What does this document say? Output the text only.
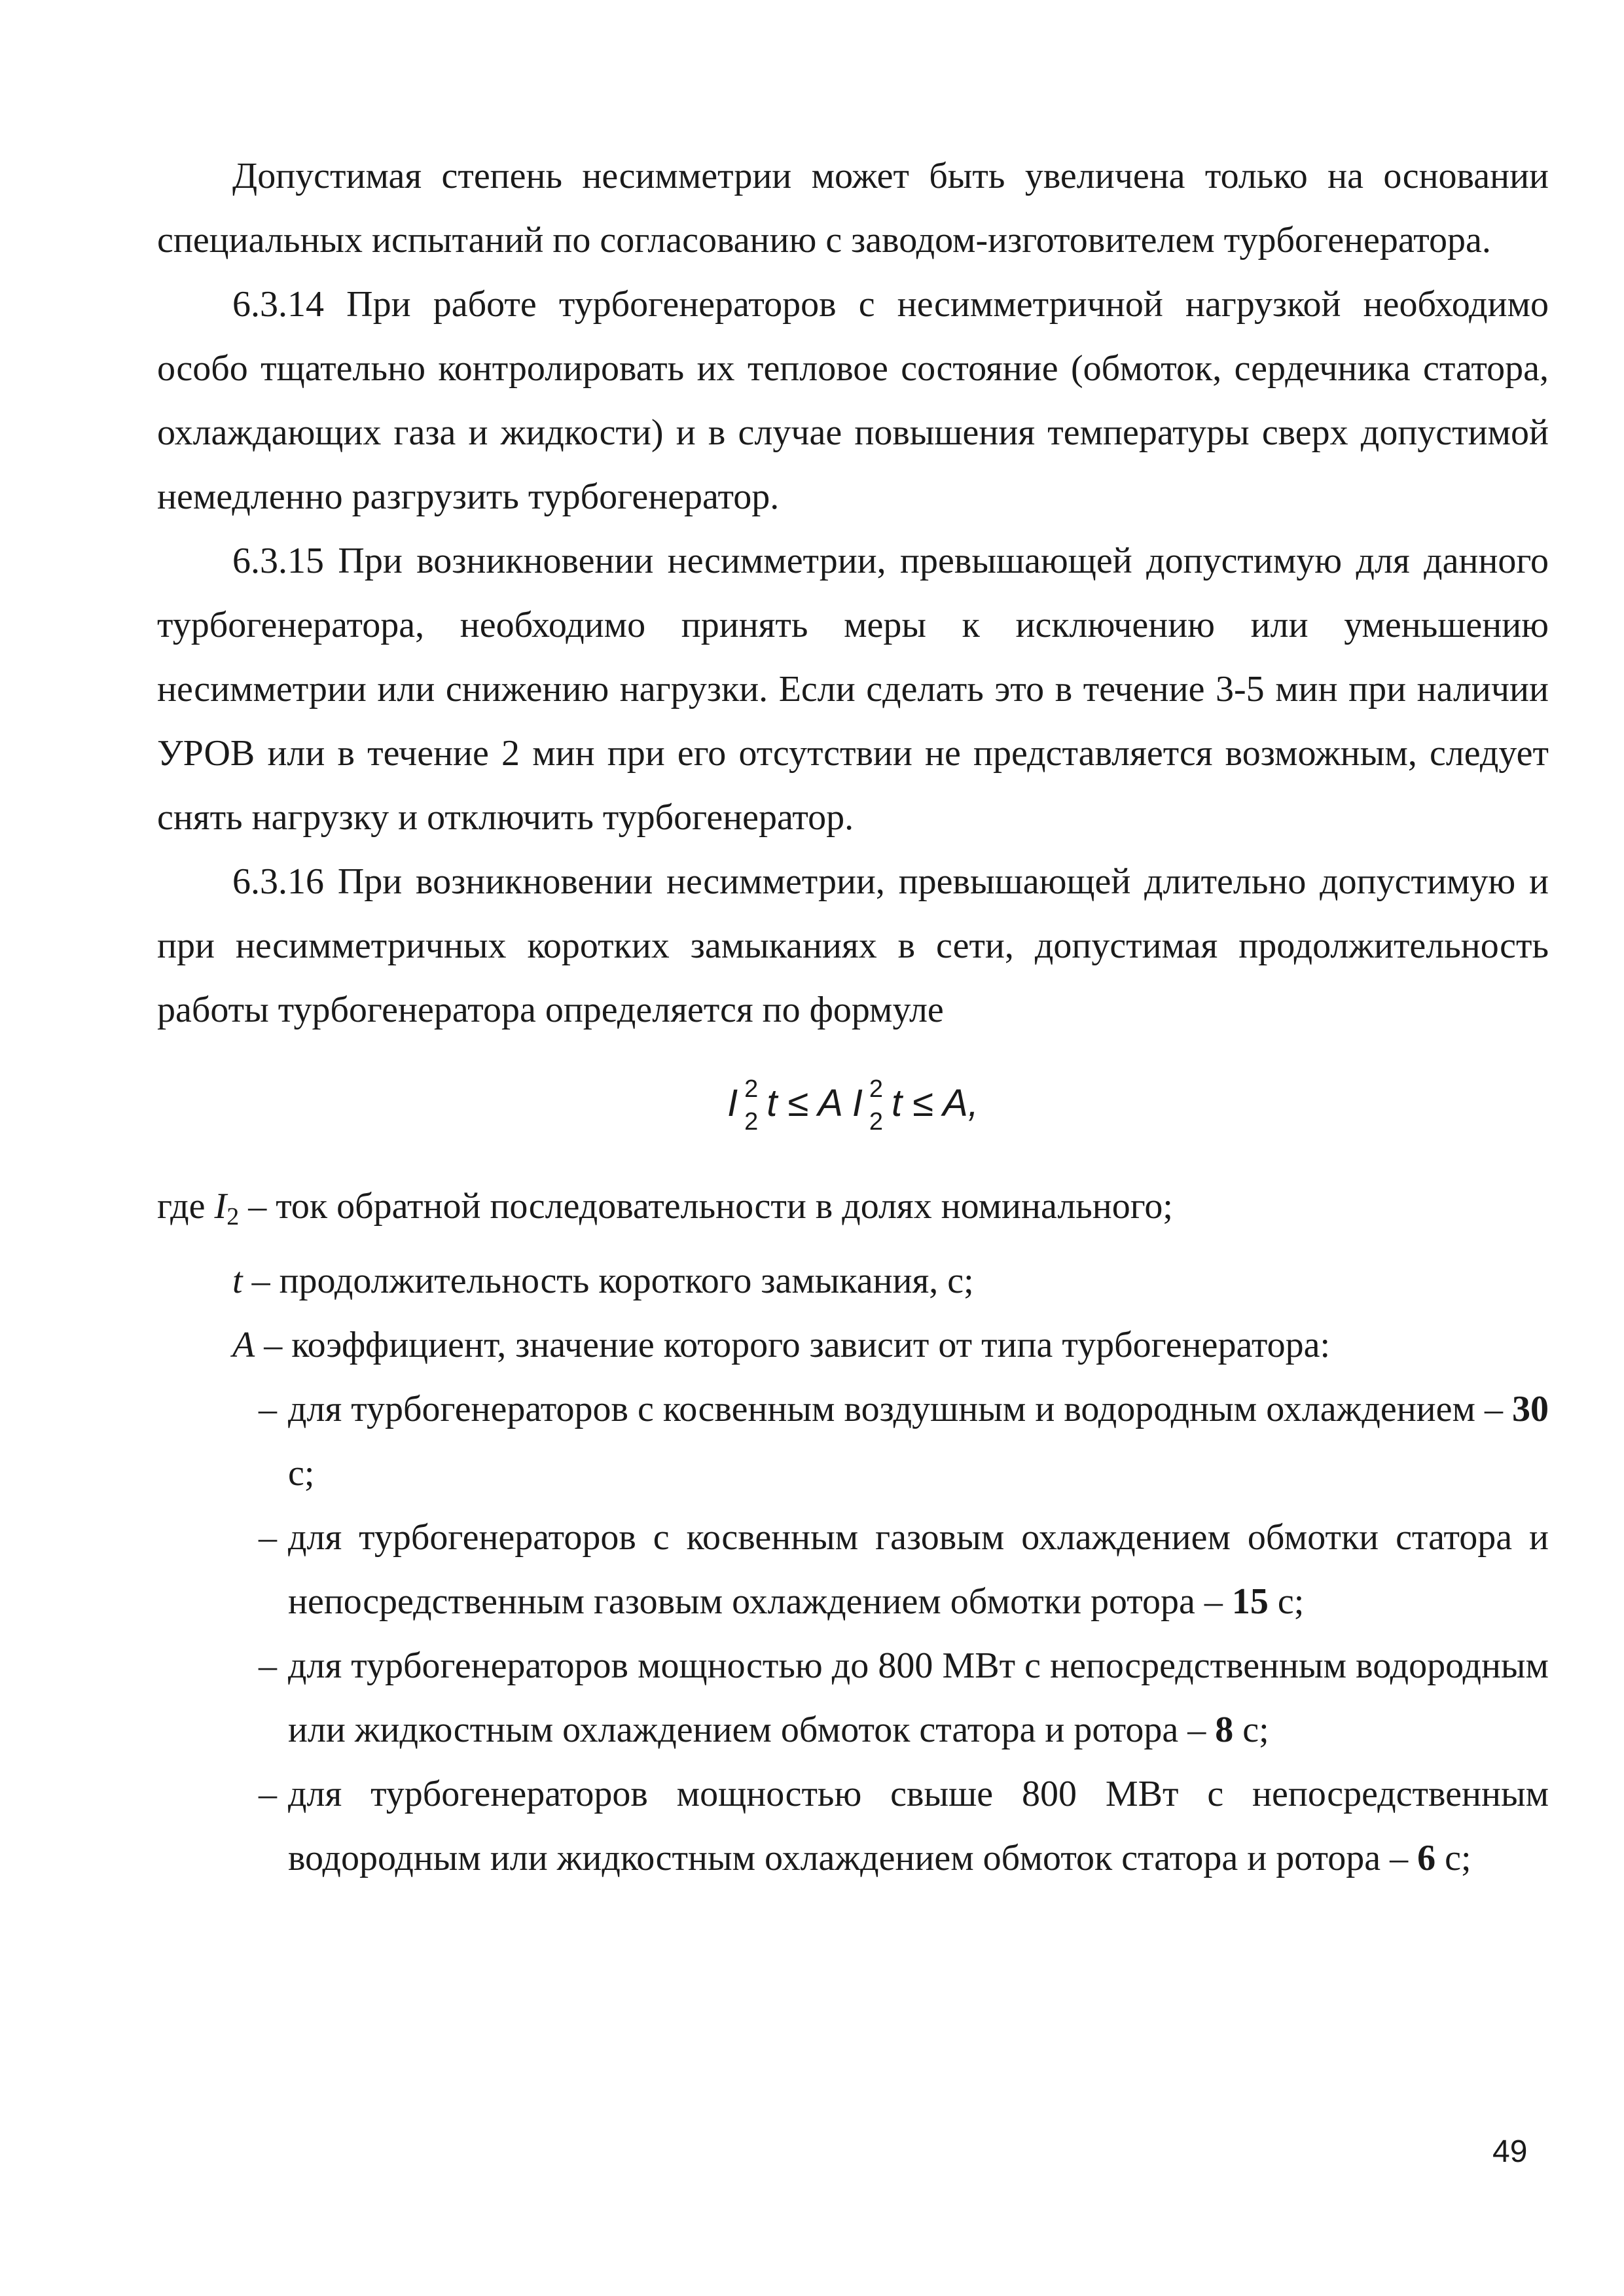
Допустимая степень несимметрии может быть увеличена только на основании специальных испытаний по согласованию с заводом-изготовителем турбогенератора.

6.3.14 При работе турбогенераторов с несимметричной нагрузкой необходимо особо тщательно контролировать их тепловое состояние (обмоток, сердечника статора, охлаждающих газа и жидкости) и в случае повышения температуры сверх допустимой немедленно разгрузить турбогенератор.

6.3.15 При возникновении несимметрии, превышающей допустимую для данного турбогенератора, необходимо принять меры к исключению или уменьшению несимметрии или снижению нагрузки. Если сделать это в течение 3-5 мин при наличии УРОВ или в течение 2 мин при его отсутствии не представляется возможным, следует снять нагрузку и отключить турбогенератор.

6.3.16 При возникновении несимметрии, превышающей длительно допустимую и при несимметричных коротких замыканиях в сети, допустимая продолжительность работы турбогенератора определяется по формуле

I 2
2 t ≤ A I 2
2 t ≤ A,

где I2 – ток обратной последовательности в долях номинального;

t – продолжительность короткого замыкания, с;

A – коэффициент, значение которого зависит от типа турбогенератора:

– для турбогенераторов с косвенным воздушным и водородным охлаждением – 30 с;
– для турбогенераторов с косвенным газовым охлаждением обмотки статора и непосредственным газовым охлаждением обмотки ротора – 15 с;
– для турбогенераторов мощностью до 800 МВт с непосредственным водородным или жидкостным охлаждением обмоток статора и ротора – 8 с;
– для турбогенераторов мощностью свыше 800 МВт с непосредственным водородным или жидкостным охлаждением обмоток статора и ротора – 6 с;
49
